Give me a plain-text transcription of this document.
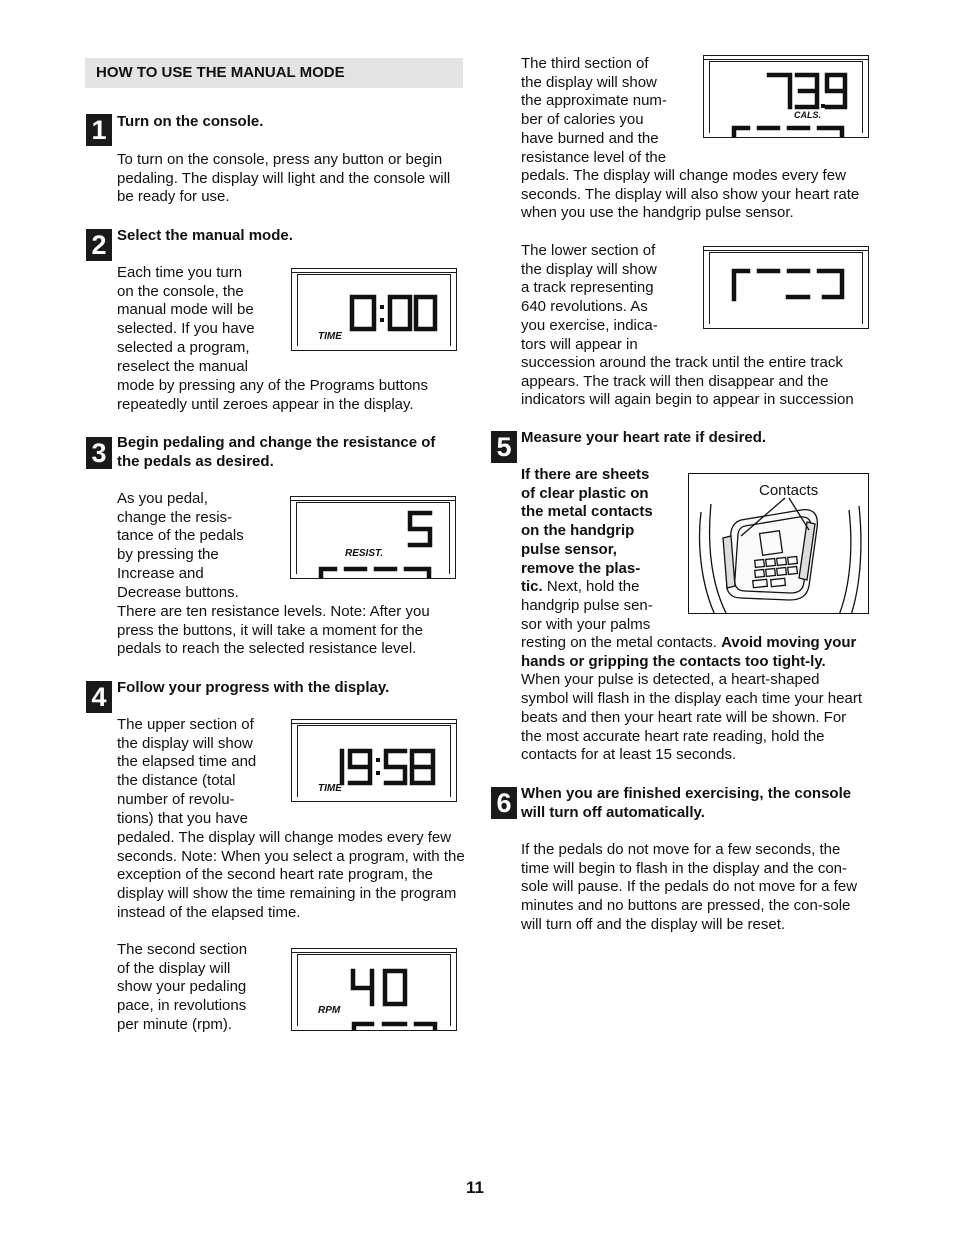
HOW TO USE THE MANUAL MODE
1 Turn on the console.

To turn on the console, press any button or begin pedaling. The display will light and the console will be ready for use.

2 Select the manual mode.

Each time you turn

on the console, the

manual mode will be

selected. If you have

selected a program,

reselect the manual

mode by pressing any of the Programs buttons repeatedly until zeroes appear in the display.

TIME
3 Begin pedaling and change the resistance of

the pedals as desired.

As you pedal,

change the resis-

tance of the pedals

by pressing the

Increase and

Decrease buttons.

There are ten resistance levels. Note: After you press the buttons, it will take a moment for the pedals to reach the selected resistance level.

RESIST.
4 Follow your progress with the display.

The upper section of

the display will show

the elapsed time and

the distance (total

number of revolu-

tions) that you have

pedaled. The display will change modes every few seconds. Note: When you select a program, with the exception of the second heart rate program, the display will show the time remaining in the program instead of the elapsed time.

TIME

The second section

of the display will

show your pedaling

pace, in revolutions

per minute (rpm).

RPM

The third section of

the display will show

the approximate num-

ber of calories you

have burned and the

resistance level of the

pedals. The display will change modes every few seconds. The display will also show your heart rate when you use the handgrip pulse sensor.

CALS.

The lower section of

the display will show

a track representing

640 revolutions. As

you exercise, indica-

tors will appear in

succession around the track until the entire track appears. The track will then disappear and the indicators will again begin to appear in succession

5 Measure your heart rate if desired.

If there are sheets

of clear plastic on

the metal contacts

on the handgrip

pulse sensor,

remove the plas-

tic. Next, hold the

handgrip pulse sen-

sor with your palms

resting on the metal contacts. Avoid moving your hands or gripping the contacts too tight-ly. When your pulse is detected, a heart-shaped symbol will flash in the display each time your heart beats and then your heart rate will be shown. For the most accurate heart rate reading, hold the contacts for at least 15 seconds.

Contacts
6 When you are finished exercising, the console

will turn off automatically.

If the pedals do not move for a few seconds, the time will begin to flash in the display and the con-sole will pause. If the pedals do not move for a few minutes and no buttons are pressed, the con-sole will turn off and the display will be reset.

11
